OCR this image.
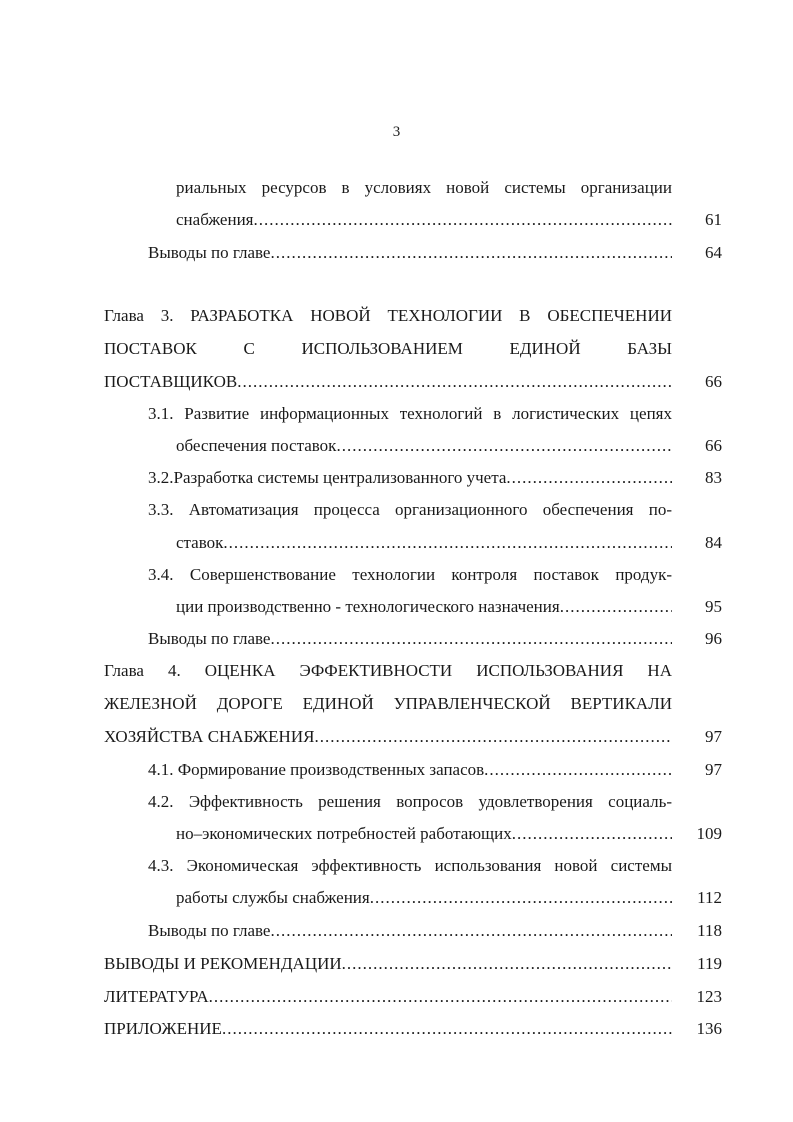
3
риальных ресурсов в условиях новой системы организации
снабжения .....	61
Выводы по главе .....	64
Глава 3. РАЗРАБОТКА НОВОЙ ТЕХНОЛОГИИ В ОБЕСПЕЧЕНИИ
ПОСТАВОК С ИСПОЛЬЗОВАНИЕМ ЕДИНОЙ БАЗЫ
ПОСТАВЩИКОВ .....	66
3.1. Развитие информационных технологий в логистических цепях
обеспечения поставок .....	66
3.2.Разработка системы централизованного учета .....	83
3.3. Автоматизация процесса организационного обеспечения по-
ставок .....	84
3.4. Совершенствование технологии контроля поставок продук-
ции производственно - технологического назначения .....	95
Выводы по главе .....	96
Глава 4. ОЦЕНКА ЭФФЕКТИВНОСТИ ИСПОЛЬЗОВАНИЯ НА
ЖЕЛЕЗНОЙ ДОРОГЕ ЕДИНОЙ УПРАВЛЕНЧЕСКОЙ ВЕРТИКАЛИ
ХОЗЯЙСТВА СНАБЖЕНИЯ .....	97
4.1. Формирование производственных запасов .....	97
4.2. Эффективность решения вопросов удовлетворения социаль-
но–экономических потребностей работающих .....	109
4.3. Экономическая эффективность использования новой системы
работы службы снабжения .....	112
Выводы по главе .....	118
ВЫВОДЫ И РЕКОМЕНДАЦИИ .....	119
ЛИТЕРАТУРА .....	123
ПРИЛОЖЕНИЕ .....	136
